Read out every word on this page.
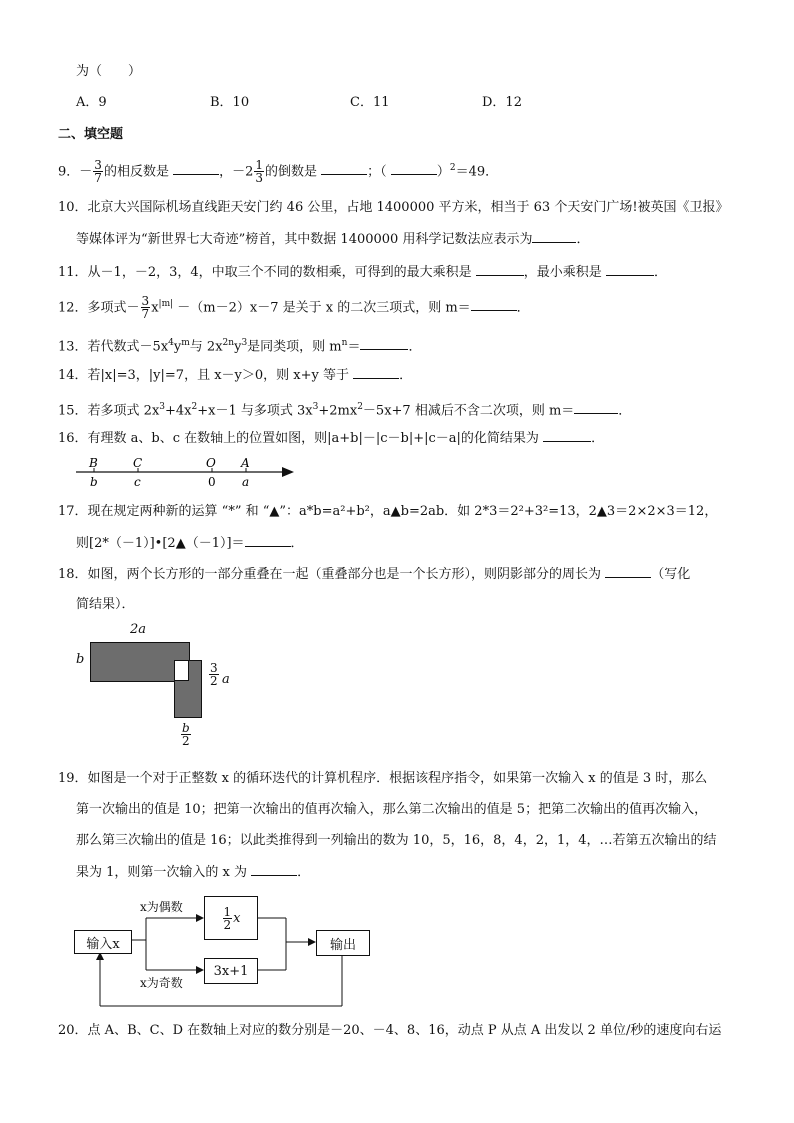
为（　　）
A．9	B．10	C．11	D．12
二、填空题
9．－ $\frac{3}{7}$ 的相反数是	，$-2 \frac{1}{3}$ 的倒数是	；（	）$^2$＝49．
10．北京大兴国际机场直线距天安门约 46 公里，占地 1400000 平方米，相当于 63 个天安门广场!被英国《卫报》
等媒体评为“新世界七大奇迹”榜首，其中数据 1400000 用科学记数法应表示为	．
11．从－1，－2，3，4，中取三个不同的数相乘，可得到的最大乘积是	，最小乘积是	．
12．多项式－ $\frac{3}{7} x^{|m|} -(m-2)x-7$ 是关于 x 的二次三项式，则 m＝	．
13．若代数式$-5x^4y^m$与 $2x^{2n}y^3$是同类项，则 $m^n=$	．
14．若|x|=3，|y|=7，且 x－y＞0，则 x+y 等于	．
15．若多项式 $2x^3+4x^2+x-1$ 与多项式 $3x^3+2mx^2-5x+7$ 相减后不含二次项，则 m＝	．
16．有理数 a、b、c 在数轴上的位置如图，则|a+b|－|c－b|+|c－a|的化简结果为	．
B	C	O A
b	c	0 a
17．现在规定两种新的运算 “*” 和 “▲”：a*b=a²+b²，a▲b=2ab．如 2*3＝2²+3²=13，2▲3＝2×2×3＝12，
则[2*（－1）]•[2▲（－1）]＝	．
18．如图，两个长方形的一部分重叠在一起（重叠部分也是一个长方形），则阴影部分的周长为	（写化
简结果）．
2a
b
$\frac{3}{2}$ a
$\frac{b}{2}$
19．如图是一个对于正整数 x 的循环迭代的计算机程序．根据该程序指令，如果第一次输入 x 的值是 3 时，那么
第一次输出的值是 10；把第一次输出的值再次输入，那么第二次输出的值是 5；把第二次输出的值再次输入，
那么第三次输出的值是 16；以此类推得到一列输出的数为 10，5，16，8，4，2，1，4，…若第五次输出的结
果为 1，则第一次输入的 x 为	．
输入x
x为偶数
x为奇数
$\frac{1}{2}$ x
3x+1
输出
20．点 A、B、C、D 在数轴上对应的数分别是－20、－4、8、16，动点 P 从点 A 出发以 2 单位/秒的速度向右运
